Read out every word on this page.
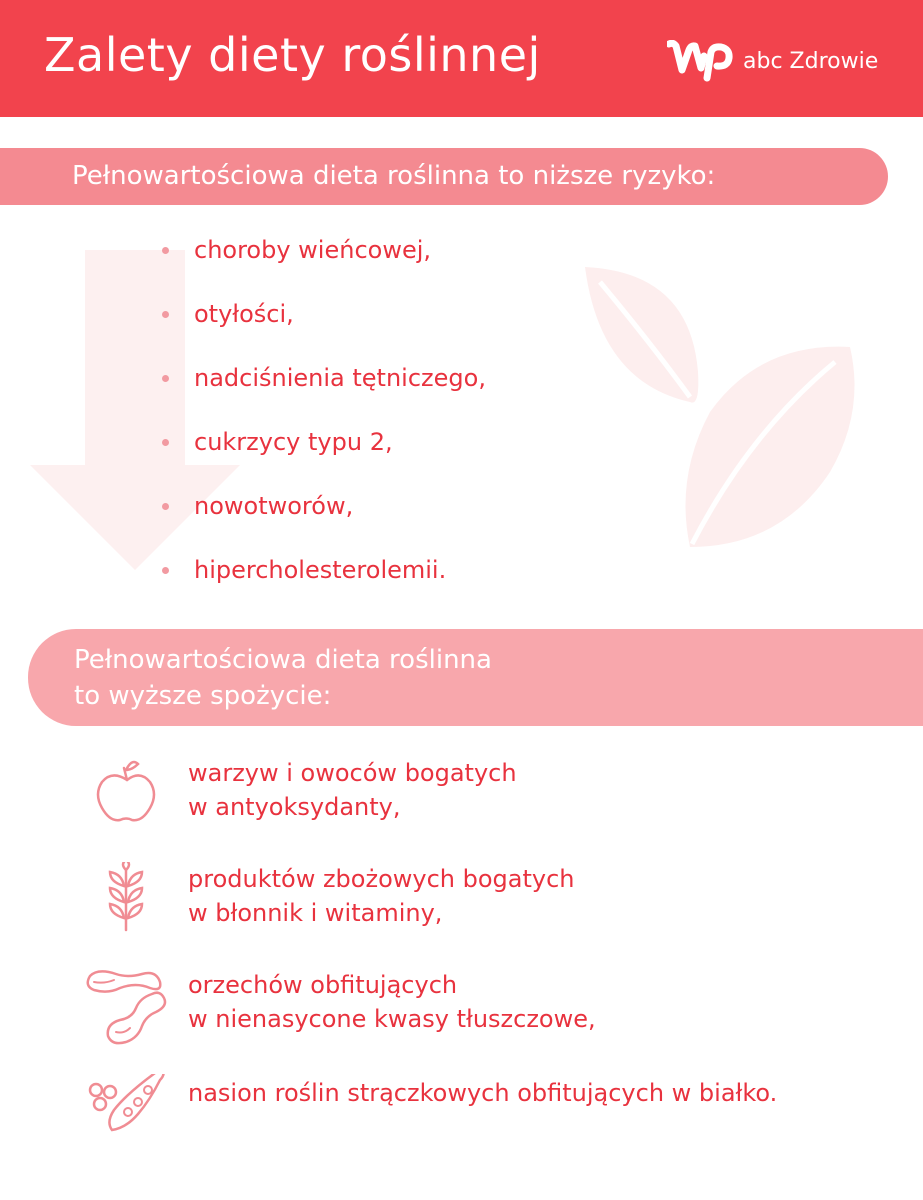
Zalety diety roślinnej	abc Zdrowie
Pełnowartościowa dieta roślinna to niższe ryzyko:
choroby wieńcowej,
otyłości,
nadciśnienia tętniczego,
cukrzycy typu 2,
nowotworów,
hipercholesterolemii.
Pełnowartościowa dieta roślinna
to wyższe spożycie:
warzyw i owoców bogatych
w antyoksydanty,
produktów zbożowych bogatych
w błonnik i witaminy,
orzechów obfitujących
w nienasycone kwasy tłuszczowe,
nasion roślin strączkowych obfitujących w białko.
